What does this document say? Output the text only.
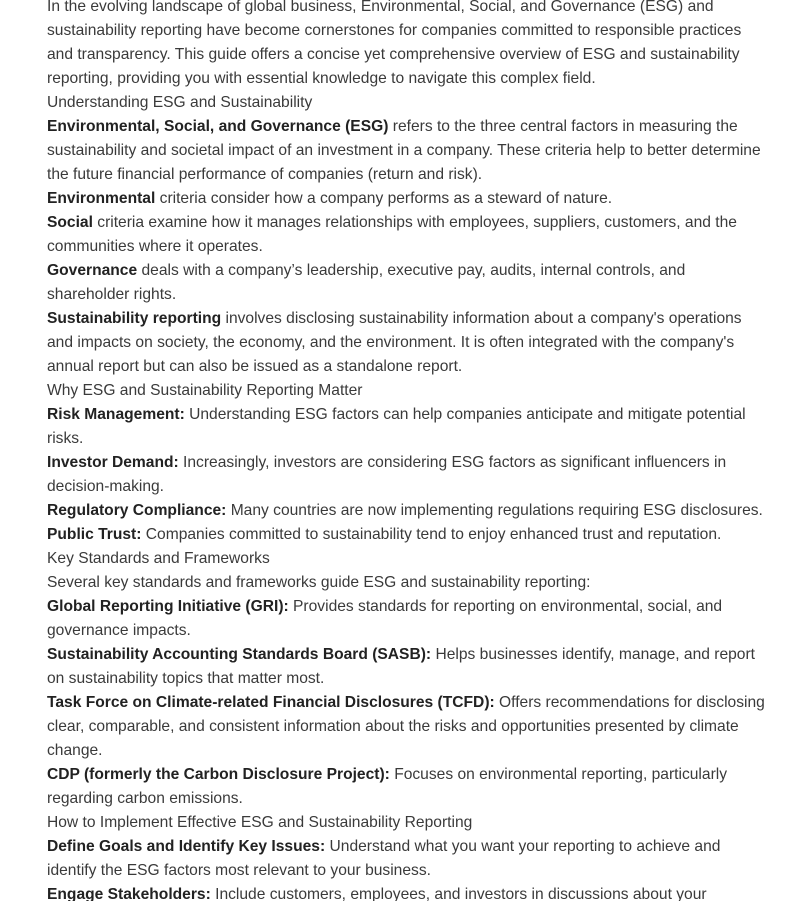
In the evolving landscape of global business, Environmental, Social, and Governance (ESG) and sustainability reporting have become cornerstones for companies committed to responsible practices and transparency. This guide offers a concise yet comprehensive overview of ESG and sustainability reporting, providing you with essential knowledge to navigate this complex field.

Understanding ESG and Sustainability

Environmental, Social, and Governance (ESG) refers to the three central factors in measuring the sustainability and societal impact of an investment in a company. These criteria help to better determine the future financial performance of companies (return and risk).

Environmental criteria consider how a company performs as a steward of nature.

Social criteria examine how it manages relationships with employees, suppliers, customers, and the communities where it operates.

Governance deals with a company’s leadership, executive pay, audits, internal controls, and shareholder rights.

Sustainability reporting involves disclosing sustainability information about a company's operations and impacts on society, the economy, and the environment. It is often integrated with the company's annual report but can also be issued as a standalone report.

Why ESG and Sustainability Reporting Matter

Risk Management: Understanding ESG factors can help companies anticipate and mitigate potential risks.

Investor Demand: Increasingly, investors are considering ESG factors as significant influencers in decision-making.

Regulatory Compliance: Many countries are now implementing regulations requiring ESG disclosures.

Public Trust: Companies committed to sustainability tend to enjoy enhanced trust and reputation.

Key Standards and Frameworks

Several key standards and frameworks guide ESG and sustainability reporting:

Global Reporting Initiative (GRI): Provides standards for reporting on environmental, social, and governance impacts.

Sustainability Accounting Standards Board (SASB): Helps businesses identify, manage, and report on sustainability topics that matter most.

Task Force on Climate-related Financial Disclosures (TCFD): Offers recommendations for disclosing clear, comparable, and consistent information about the risks and opportunities presented by climate change.

CDP (formerly the Carbon Disclosure Project): Focuses on environmental reporting, particularly regarding carbon emissions.

How to Implement Effective ESG and Sustainability Reporting

Define Goals and Identify Key Issues: Understand what you want your reporting to achieve and identify the ESG factors most relevant to your business.

Engage Stakeholders: Include customers, employees, and investors in discussions about your
